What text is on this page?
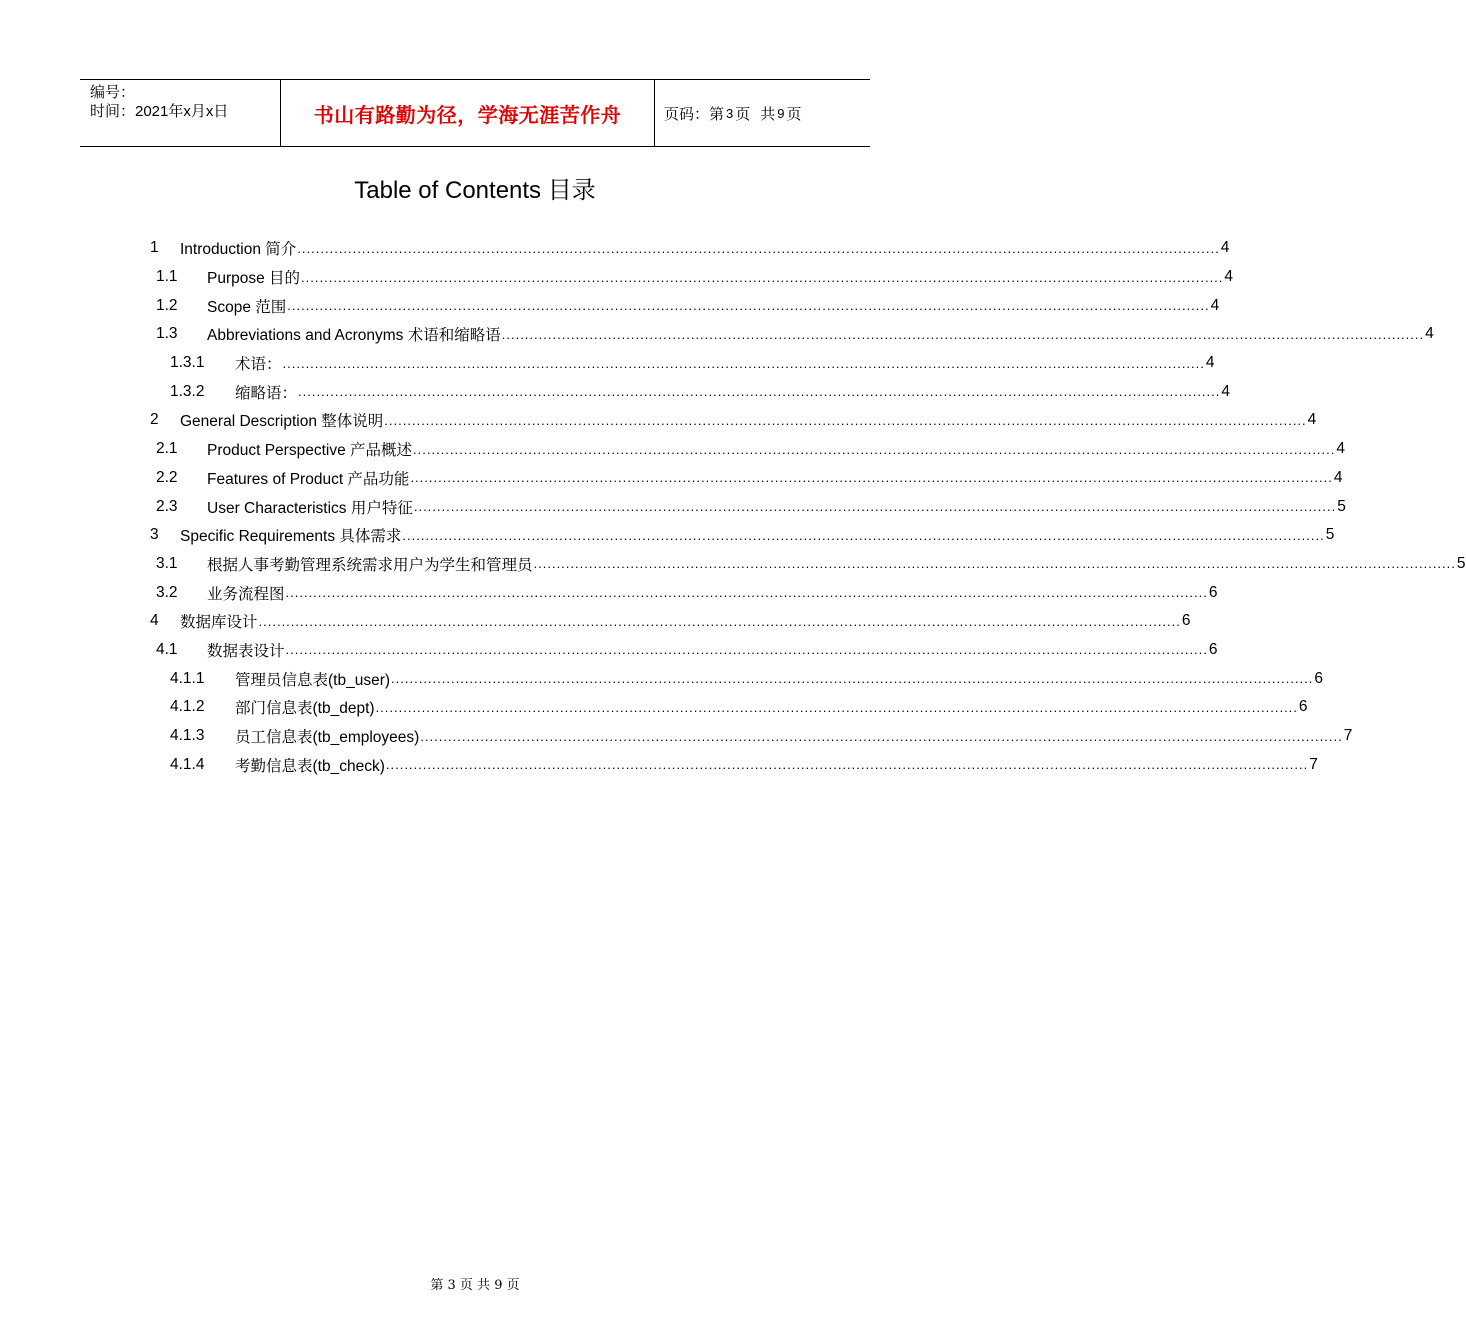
编号：
时间：2021年x月x日	书山有路勤为径，学海无涯苦作舟	页码：第 3 页 共 9 页
Table of Contents 目录
1 Introduction 简介 ........................................................................................................................................................................................................ 4
1.1 Purpose 目的 ........................................................................................................................................................................................................ 4
1.2 Scope 范围 ........................................................................................................................................................................................................ 4
1.3 Abbreviations and Acronyms 术语和缩略语 ........................................................................................................................................................................................................ 4
1.3.1 术语： ........................................................................................................................................................................................................ 4
1.3.2 缩略语： ........................................................................................................................................................................................................ 4
2 General Description 整体说明 ........................................................................................................................................................................................................ 4
2.1 Product Perspective 产品概述 ........................................................................................................................................................................................................ 4
2.2 Features of Product 产品功能 ........................................................................................................................................................................................................ 4
2.3 User Characteristics 用户特征 ........................................................................................................................................................................................................ 5
3 Specific Requirements 具体需求 ........................................................................................................................................................................................................ 5
3.1 根据人事考勤管理系统需求用户为学生和管理员 ........................................................................................................................................................................................................ 5
3.2 业务流程图 ........................................................................................................................................................................................................ 6
4 数据库设计 ........................................................................................................................................................................................................ 6
4.1 数据表设计 ........................................................................................................................................................................................................ 6
4.1.1 管理员信息表(tb_user) ........................................................................................................................................................................................................ 6
4.1.2 部门信息表(tb_dept) ........................................................................................................................................................................................................ 6
4.1.3 员工信息表(tb_employees) ........................................................................................................................................................................................................ 7
4.1.4 考勤信息表(tb_check) ........................................................................................................................................................................................................ 7
第 3 页 共 9 页
